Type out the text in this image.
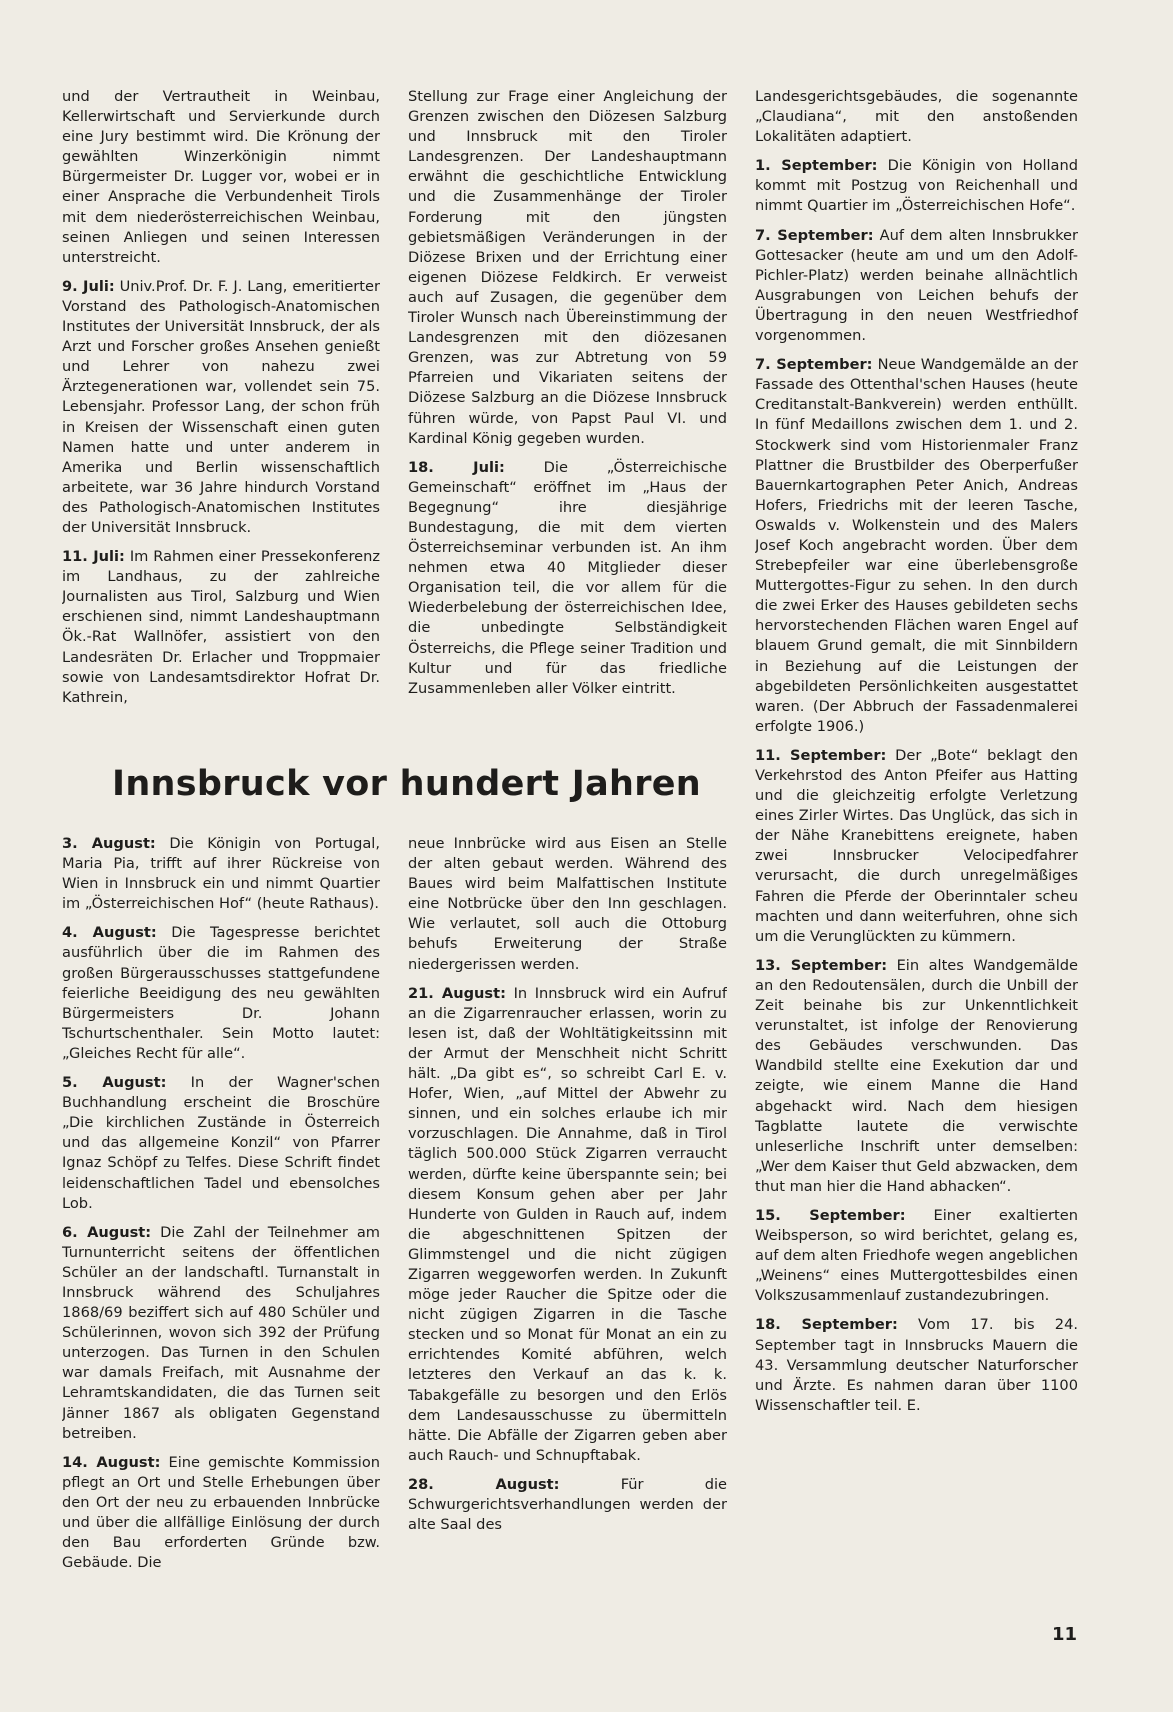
und der Vertrautheit in Weinbau, Kellerwirtschaft und Servierkunde durch eine Jury bestimmt wird. Die Krönung der gewählten Winzerkönigin nimmt Bürgermeister Dr. Lugger vor, wobei er in einer Ansprache die Verbundenheit Tirols mit dem niederösterreichischen Weinbau, seinen Anliegen und seinen Interessen unterstreicht.

9. Juli: Univ.Prof. Dr. F. J. Lang, emeritierter Vorstand des Pathologisch-Anatomischen Institutes der Universität Innsbruck, der als Arzt und Forscher großes Ansehen genießt und Lehrer von nahezu zwei Ärztegenerationen war, vollendet sein 75. Lebensjahr. Professor Lang, der schon früh in Kreisen der Wissenschaft einen guten Namen hatte und unter anderem in Amerika und Berlin wissenschaftlich arbeitete, war 36 Jahre hindurch Vorstand des Pathologisch-Anatomischen Institutes der Universität Innsbruck.

11. Juli: Im Rahmen einer Pressekonferenz im Landhaus, zu der zahlreiche Journalisten aus Tirol, Salzburg und Wien erschienen sind, nimmt Landeshauptmann Ök.-Rat Wallnöfer, assistiert von den Landesräten Dr. Erlacher und Troppmaier sowie von Landesamtsdirektor Hofrat Dr. Kathrein,

Stellung zur Frage einer Angleichung der Grenzen zwischen den Diözesen Salzburg und Innsbruck mit den Tiroler Landesgrenzen. Der Landeshauptmann erwähnt die geschichtliche Entwicklung und die Zusammenhänge der Tiroler Forderung mit den jüngsten gebietsmäßigen Veränderungen in der Diözese Brixen und der Errichtung einer eigenen Diözese Feldkirch. Er verweist auch auf Zusagen, die gegenüber dem Tiroler Wunsch nach Übereinstimmung der Landesgrenzen mit den diözesanen Grenzen, was zur Abtretung von 59 Pfarreien und Vikariaten seitens der Diözese Salzburg an die Diözese Innsbruck führen würde, von Papst Paul VI. und Kardinal König gegeben wurden.

18. Juli:	Die „Österreichische Gemeinschaft“ eröffnet im „Haus der Begegnung“ ihre diesjährige Bundestagung, die mit dem vierten Österreichseminar verbunden ist. An ihm nehmen etwa 40 Mitglieder dieser Organisation teil, die vor allem für die Wiederbelebung der österreichischen Idee, die unbedingte Selbständigkeit Österreichs, die Pflege seiner Tradition und Kultur und für das friedliche Zusammenleben aller Völker eintritt.

Landesgerichtsgebäudes, die sogenannte „Claudiana“, mit den anstoßenden Lokalitäten adaptiert.

1. September: Die Königin von Holland kommt mit Postzug von Reichenhall und nimmt Quartier im „Österreichischen Hofe“.

7. September: Auf dem alten Innsbrukker Gottesacker (heute am und um den Adolf-Pichler-Platz) werden beinahe allnächtlich Ausgrabungen von Leichen behufs der Übertragung in den neuen Westfriedhof vorgenommen.

7. September: Neue Wandgemälde an der Fassade des Ottenthal'schen Hauses (heute Creditanstalt-Bankverein) werden enthüllt. In fünf Medaillons zwischen dem 1. und 2. Stockwerk sind vom Historienmaler Franz Plattner die Brustbilder des Oberperfußer Bauernkartographen Peter Anich, Andreas Hofers, Friedrichs mit der leeren Tasche, Oswalds v. Wolkenstein und des Malers Josef Koch angebracht worden. Über dem Strebepfeiler war eine überlebensgroße Muttergottes-Figur zu sehen. In den durch die zwei Erker des Hauses gebildeten sechs hervorstechenden Flächen waren Engel auf blauem Grund gemalt, die mit Sinnbildern in Beziehung auf die Leistungen der abgebildeten Persönlichkeiten ausgestattet waren. (Der Abbruch der Fassadenmalerei erfolgte 1906.)

11. September: Der „Bote“ beklagt den Verkehrstod des Anton Pfeifer aus Hatting und die gleichzeitig erfolgte Verletzung eines Zirler Wirtes. Das Unglück, das sich in der Nähe Kranebittens ereignete, haben zwei Innsbrucker Velocipedfahrer verursacht, die durch unregelmäßiges Fahren die Pferde der Oberinntaler scheu machten und dann weiterfuhren, ohne sich um die Verunglückten zu kümmern.

13. September: Ein altes Wandgemälde an den Redoutensälen, durch die Unbill der Zeit beinahe bis zur Unkenntlichkeit verunstaltet, ist infolge der Renovierung des Gebäudes verschwunden. Das Wandbild stellte eine Exekution dar und zeigte, wie einem Manne die Hand abgehackt wird. Nach dem hiesigen Tagblatte lautete die verwischte unleserliche Inschrift unter demselben: „Wer dem Kaiser thut Geld abzwacken, dem thut man hier die Hand abhacken“.

15. September: Einer exaltierten Weibsperson, so wird berichtet, gelang es, auf dem alten Friedhofe wegen angeblichen „Weinens“ eines Muttergottesbildes einen Volkszusammenlauf zustandezubringen.

18. September: Vom 17. bis 24. September tagt in Innsbrucks Mauern die 43. Versammlung deutscher Naturforscher und Ärzte. Es nahmen daran über 1100 Wissenschaftler teil. E.

Innsbruck vor hundert Jahren

3. August: Die Königin von Portugal, Maria Pia, trifft auf ihrer Rückreise von Wien in Innsbruck ein und nimmt Quartier im „Österreichischen Hof“ (heute Rathaus).

4. August: Die Tagespresse berichtet ausführlich über die im Rahmen des großen Bürgerausschusses stattgefundene feierliche Beeidigung des neu gewählten Bürgermeisters Dr. Johann Tschurtschenthaler. Sein Motto lautet: „Gleiches Recht für alle“.

5. August: In der Wagner'schen Buchhandlung erscheint die Broschüre „Die kirchlichen Zustände in Österreich und das allgemeine Konzil“ von Pfarrer Ignaz Schöpf zu Telfes. Diese Schrift findet leidenschaftlichen Tadel und ebensolches Lob.

6. August: Die Zahl der Teilnehmer am Turnunterricht seitens der öffentlichen Schüler an der landschaftl. Turnanstalt in Innsbruck während des Schuljahres 1868/69 beziffert sich auf 480 Schüler und Schülerinnen, wovon sich 392 der Prüfung unterzogen. Das Turnen in den Schulen war damals Freifach, mit Ausnahme der Lehramtskandidaten, die das Turnen seit Jänner 1867 als obligaten Gegenstand betreiben.

14. August: Eine gemischte Kommission pflegt an Ort und Stelle Erhebungen über den Ort der neu zu erbauenden Innbrücke und über die allfällige Einlösung der durch den Bau erforderten Gründe bzw. Gebäude. Die

neue Innbrücke wird aus Eisen an Stelle der alten gebaut werden. Während des Baues wird beim Malfattischen Institute eine Notbrücke über den Inn geschlagen. Wie verlautet, soll auch die Ottoburg behufs Erweiterung der Straße niedergerissen werden.

21. August: In Innsbruck wird ein Aufruf an die Zigarrenraucher erlassen, worin zu lesen ist, daß der Wohltätigkeitssinn mit der Armut der Menschheit nicht Schritt hält. „Da gibt es“, so schreibt Carl E. v. Hofer, Wien, „auf Mittel der Abwehr zu sinnen, und ein solches erlaube ich mir vorzuschlagen. Die Annahme, daß in Tirol täglich 500.000 Stück Zigarren verraucht werden, dürfte keine überspannte sein; bei diesem Konsum gehen aber per Jahr Hunderte von Gulden in Rauch auf, indem die abgeschnittenen Spitzen der Glimmstengel und die nicht zügigen Zigarren weggeworfen werden. In Zukunft möge jeder Raucher die Spitze oder die nicht zügigen Zigarren in die Tasche stecken und so Monat für Monat an ein zu errichtendes Komité abführen, welch letzteres den Verkauf an das k. k. Tabakgefälle zu besorgen und den Erlös dem Landesausschusse zu übermitteln hätte. Die Abfälle der Zigarren geben aber auch Rauch- und Schnupftabak.

28. August:	Für die Schwurgerichtsverhandlungen werden der alte Saal des

11
